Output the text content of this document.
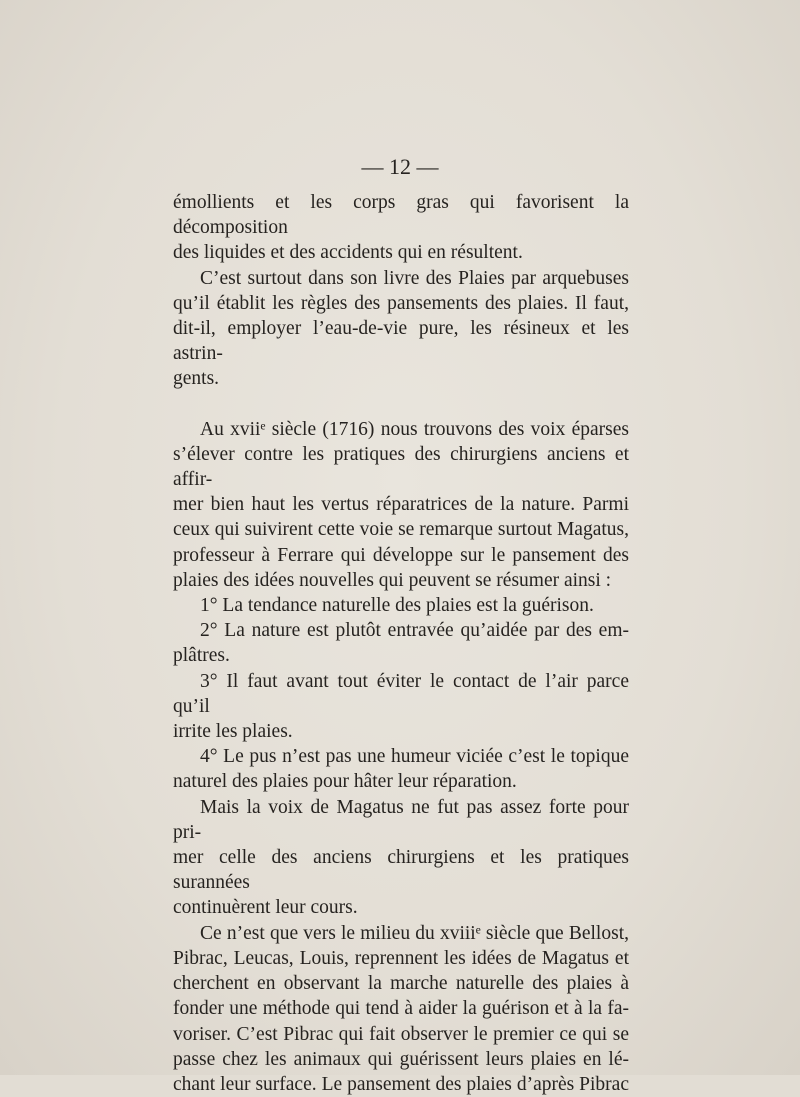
— 12 —

émollients et les corps gras qui favorisent la décomposition

des liquides et des accidents qui en résultent.

C’est surtout dans son livre des Plaies par arquebuses

qu’il établit les règles des pansements des plaies. Il faut,

dit-il, employer l’eau-de-vie pure, les résineux et les astrin-

gents.

Au xviiᵉ siècle (1716) nous trouvons des voix éparses

s’élever contre les pratiques des chirurgiens anciens et affir-

mer bien haut les vertus réparatrices de la nature. Parmi

ceux qui suivirent cette voie se remarque surtout Magatus,

professeur à Ferrare qui développe sur le pansement des

plaies des idées nouvelles qui peuvent se résumer ainsi :

1° La tendance naturelle des plaies est la guérison.

2° La nature est plutôt entravée qu’aidée par des em-

plâtres.

3° Il faut avant tout éviter le contact de l’air parce qu’il

irrite les plaies.

4° Le pus n’est pas une humeur viciée c’est le topique

naturel des plaies pour hâter leur réparation.

Mais la voix de Magatus ne fut pas assez forte pour pri-

mer celle des anciens chirurgiens et les pratiques surannées

continuèrent leur cours.

Ce n’est que vers le milieu du xviiiᵉ siècle que Bellost,

Pibrac, Leucas, Louis, reprennent les idées de Magatus et

cherchent en observant la marche naturelle des plaies à

fonder une méthode qui tend à aider la guérison et à la fa-

voriser. C’est Pibrac qui fait observer le premier ce qui se

passe chez les animaux qui guérissent leurs plaies en lé-

chant leur surface. Le pansement des plaies d’après Pibrac
